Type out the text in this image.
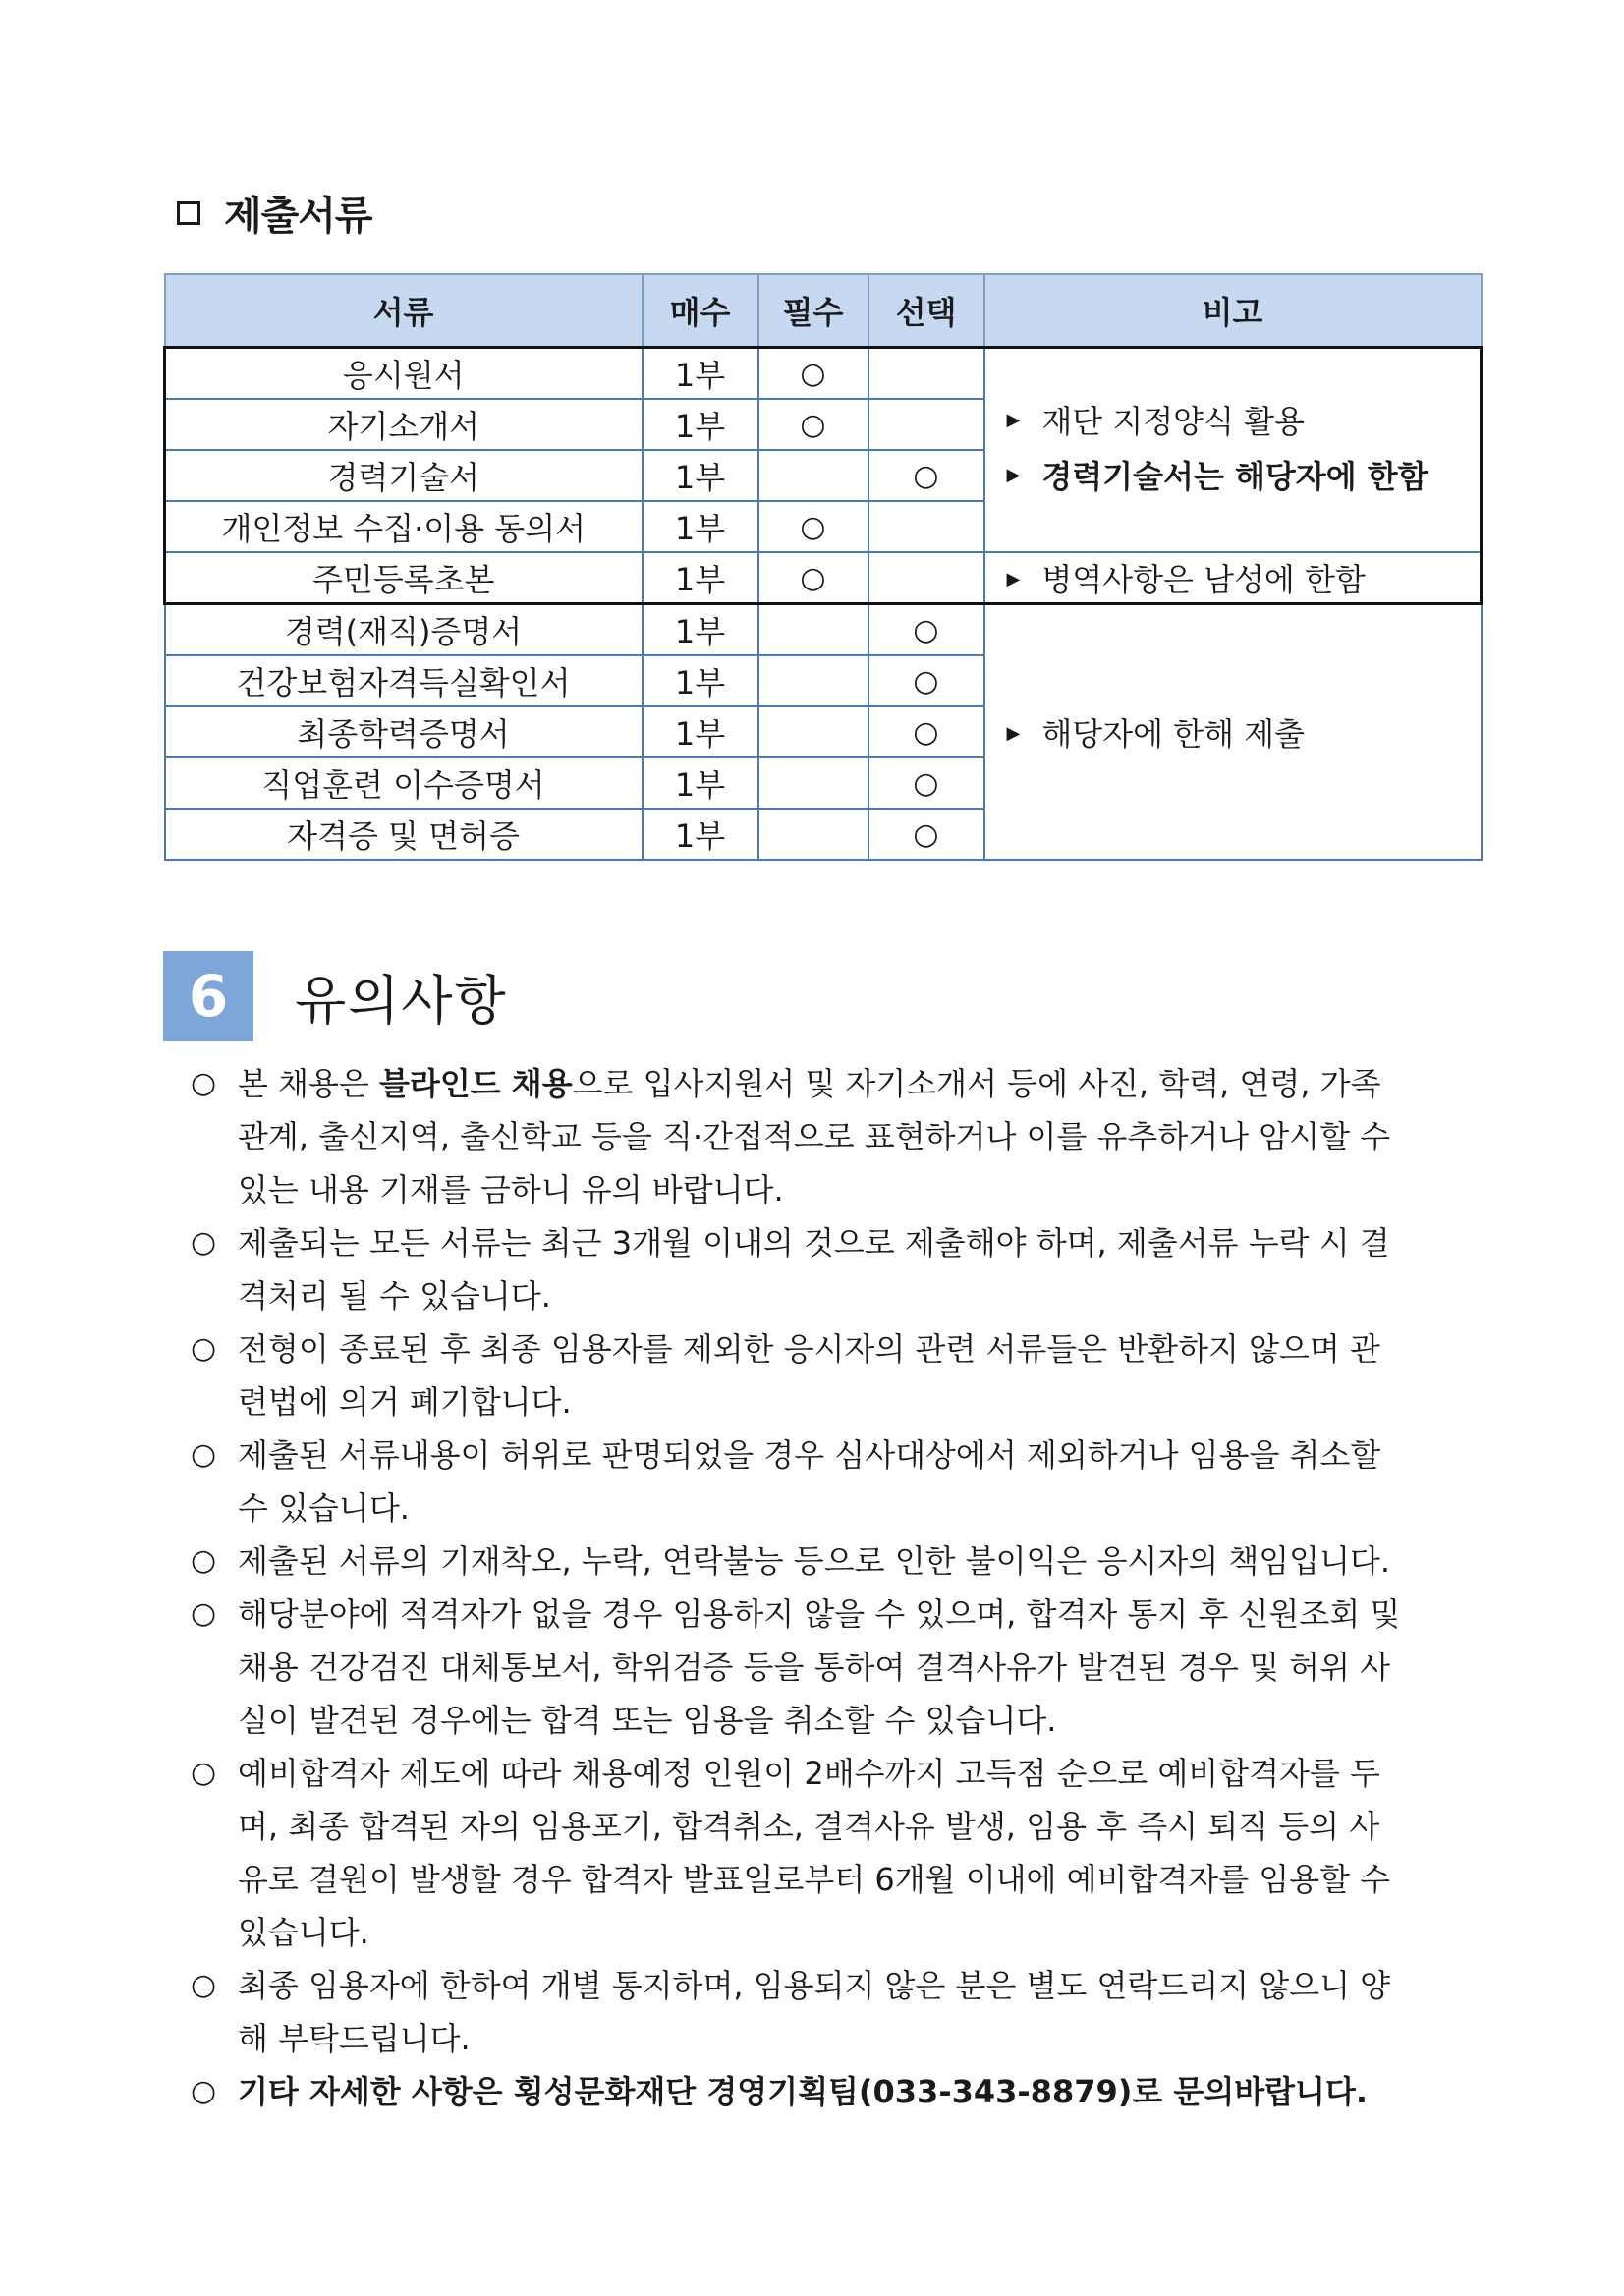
제출서류
서류	매수	필수	선택	비고
응시원서	1부	○		▶ 재단 지정양식 활용
▶ 경력기술서는 해당자에 한함

자기소개서	1부	○		
경력기술서	1부		○	
개인정보 수집·이용 동의서	1부	○		
주민등록초본	1부	○		▶ 병역사항은 남성에 한함
경력(재직)증명서	1부		○	▶ 해당자에 한해 제출
건강보험자격득실확인서	1부		○	
최종학력증명서	1부		○	
직업훈련 이수증명서	1부		○	
자격증 및 면허증	1부		○	
6	유의사항
○ 본 채용은 블라인드 채용으로 입사지원서 및 자기소개서 등에 사진, 학력, 연령, 가족관계, 출신지역, 출신학교 등을 직·간접적으로 표현하거나 이를 유추하거나 암시할 수 있는 내용 기재를 금하니 유의 바랍니다.
○ 제출되는 모든 서류는 최근 3개월 이내의 것으로 제출해야 하며, 제출서류 누락 시 결격처리 될 수 있습니다.
○ 전형이 종료된 후 최종 임용자를 제외한 응시자의 관련 서류들은 반환하지 않으며 관련법에 의거 폐기합니다.
○ 제출된 서류내용이 허위로 판명되었을 경우 심사대상에서 제외하거나 임용을 취소할 수 있습니다.
○ 제출된 서류의 기재착오, 누락, 연락불능 등으로 인한 불이익은 응시자의 책임입니다.
○ 해당분야에 적격자가 없을 경우 임용하지 않을 수 있으며, 합격자 통지 후 신원조회 및 채용 건강검진 대체통보서, 학위검증 등을 통하여 결격사유가 발견된 경우 및 허위 사실이 발견된 경우에는 합격 또는 임용을 취소할 수 있습니다.
○ 예비합격자 제도에 따라 채용예정 인원이 2배수까지 고득점 순으로 예비합격자를 두며, 최종 합격된 자의 임용포기, 합격취소, 결격사유 발생, 임용 후 즉시 퇴직 등의 사유로 결원이 발생할 경우 합격자 발표일로부터 6개월 이내에 예비합격자를 임용할 수 있습니다.
○ 최종 임용자에 한하여 개별 통지하며, 임용되지 않은 분은 별도 연락드리지 않으니 양해 부탁드립니다.
○ 기타 자세한 사항은 횡성문화재단 경영기획팀(033-343-8879)로 문의바랍니다.
